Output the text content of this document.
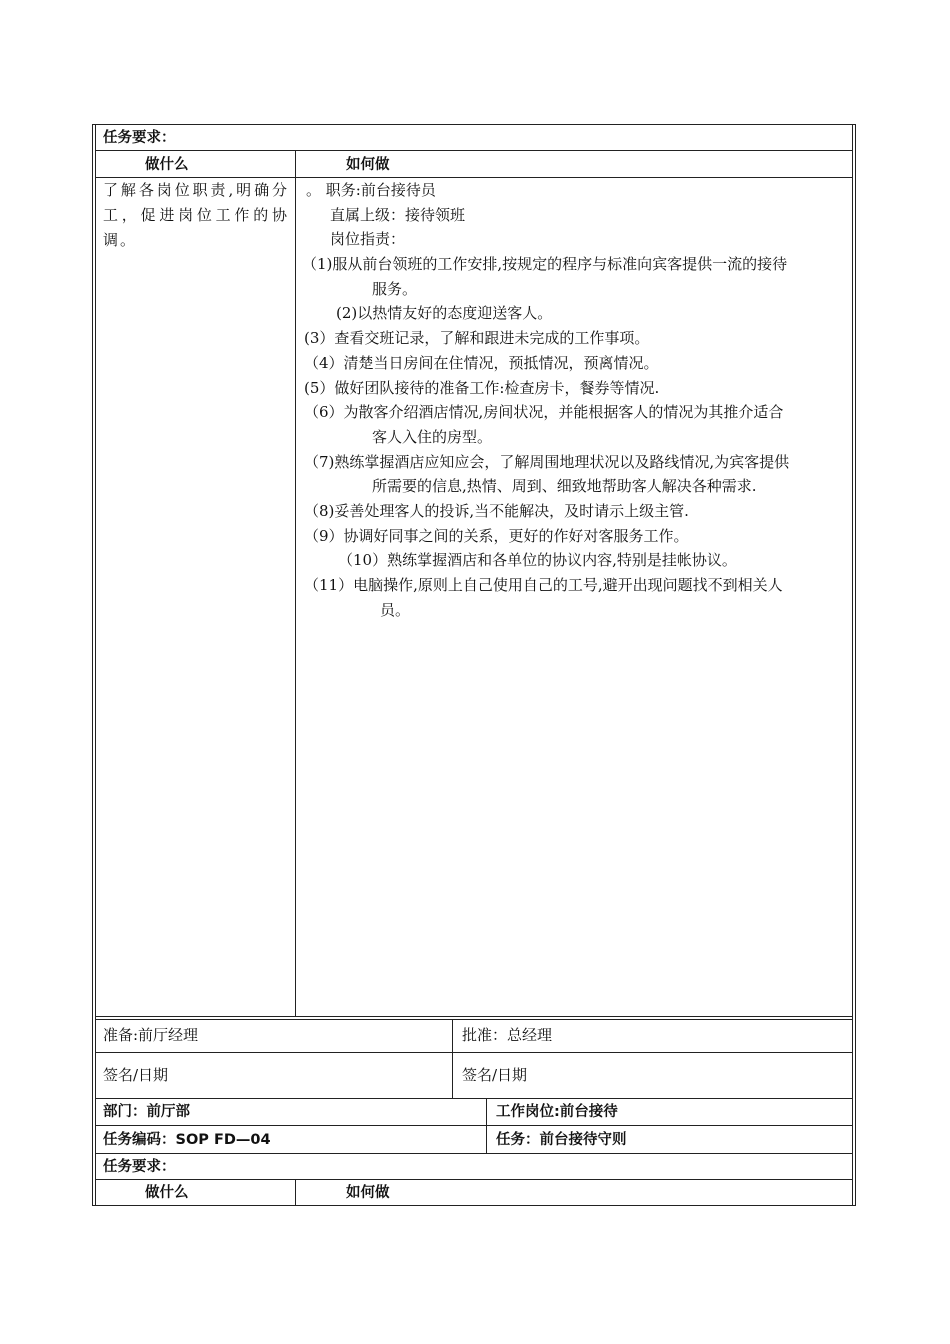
任务要求：
做什么	如何做
了解各岗位职责,明确分工，促进岗位工作的协调。
。 职务:前台接待员
直属上级：接待领班
岗位指责：
（1)服从前台领班的工作安排,按规定的程序与标准向宾客提供一流的接待
服务。
(2)以热情友好的态度迎送客人。
(3）查看交班记录，了解和跟进未完成的工作事项。
（4）清楚当日房间在住情况，预抵情况，预离情况。
(5）做好团队接待的准备工作:检查房卡，餐券等情况.
（6）为散客介绍酒店情况,房间状况，并能根据客人的情况为其推介适合
客人入住的房型。
（7)熟练掌握酒店应知应会，了解周围地理状况以及路线情况,为宾客提供
所需要的信息,热情、周到、细致地帮助客人解决各种需求.
（8)妥善处理客人的投诉,当不能解决，及时请示上级主管.
（9）协调好同事之间的关系，更好的作好对客服务工作。
（10）熟练掌握酒店和各单位的协议内容,特别是挂帐协议。
（11）电脑操作,原则上自己使用自己的工号,避开出现问题找不到相关人
员。
准备:前厅经理	批准：总经理
签名/日期	签名/日期
部门：前厅部	工作岗位:前台接待
任务编码：SOP FD—04	任务：前台接待守则
任务要求：
做什么	如何做
